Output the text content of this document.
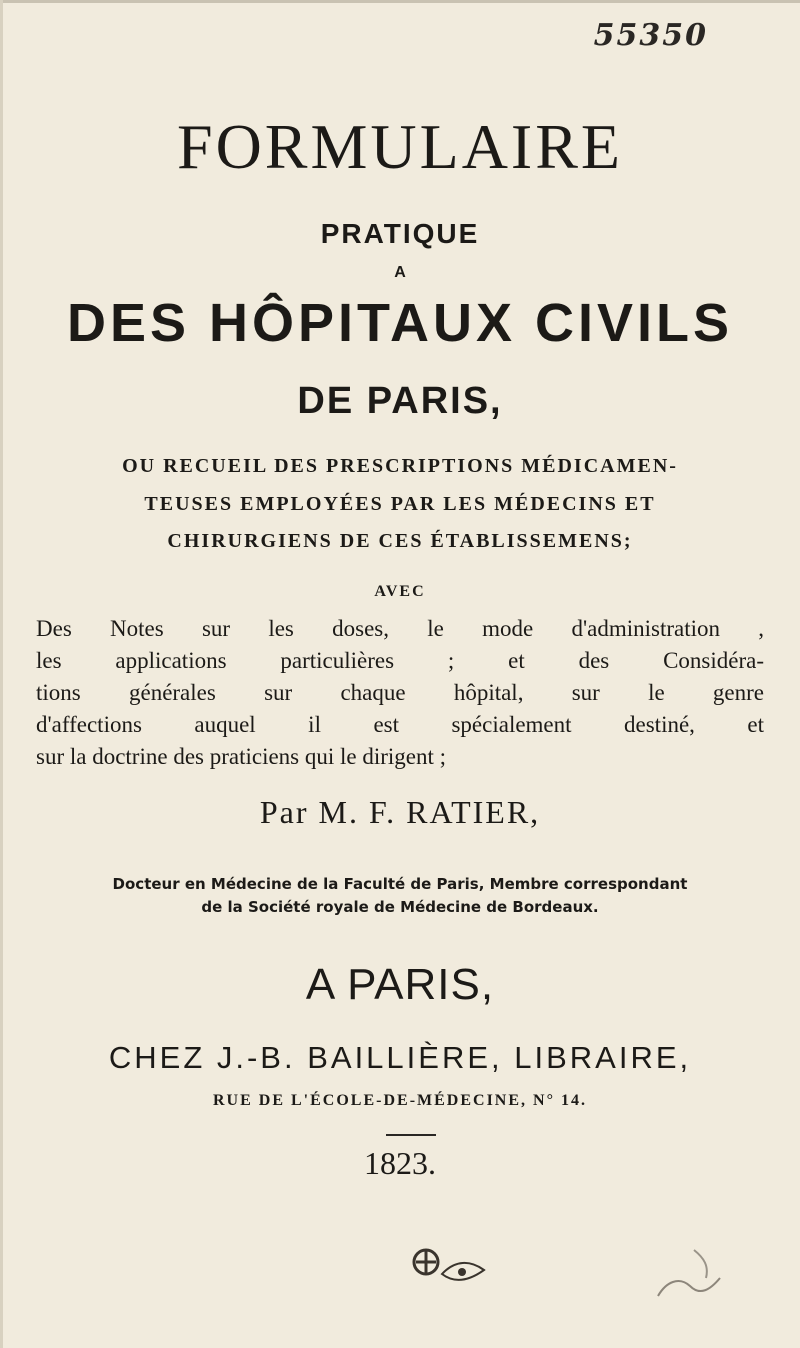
55350
FORMULAIRE
PRATIQUE
A
DES HÔPITAUX CIVILS
DE PARIS,
OU RECUEIL DES PRESCRIPTIONS MÉDICAMEN-
TEUSES EMPLOYÉES PAR LES MÉDECINS ET
CHIRURGIENS DE CES ÉTABLISSEMENS;
AVEC
Des Notes sur les doses, le mode d'administration ,
les applications particulières ; et des Considéra-
tions générales sur chaque hôpital, sur le genre
d'affections auquel il est spécialement destiné, et
sur la doctrine des praticiens qui le dirigent ;
Par M. F. RATIER,
Docteur en Médecine de la Faculté de Paris, Membre correspondant
de la Société royale de Médecine de Bordeaux.
A PARIS,
CHEZ J.-B. BAILLIÈRE, LIBRAIRE,
RUE DE L'ÉCOLE-DE-MÉDECINE, N° 14.
1823.
